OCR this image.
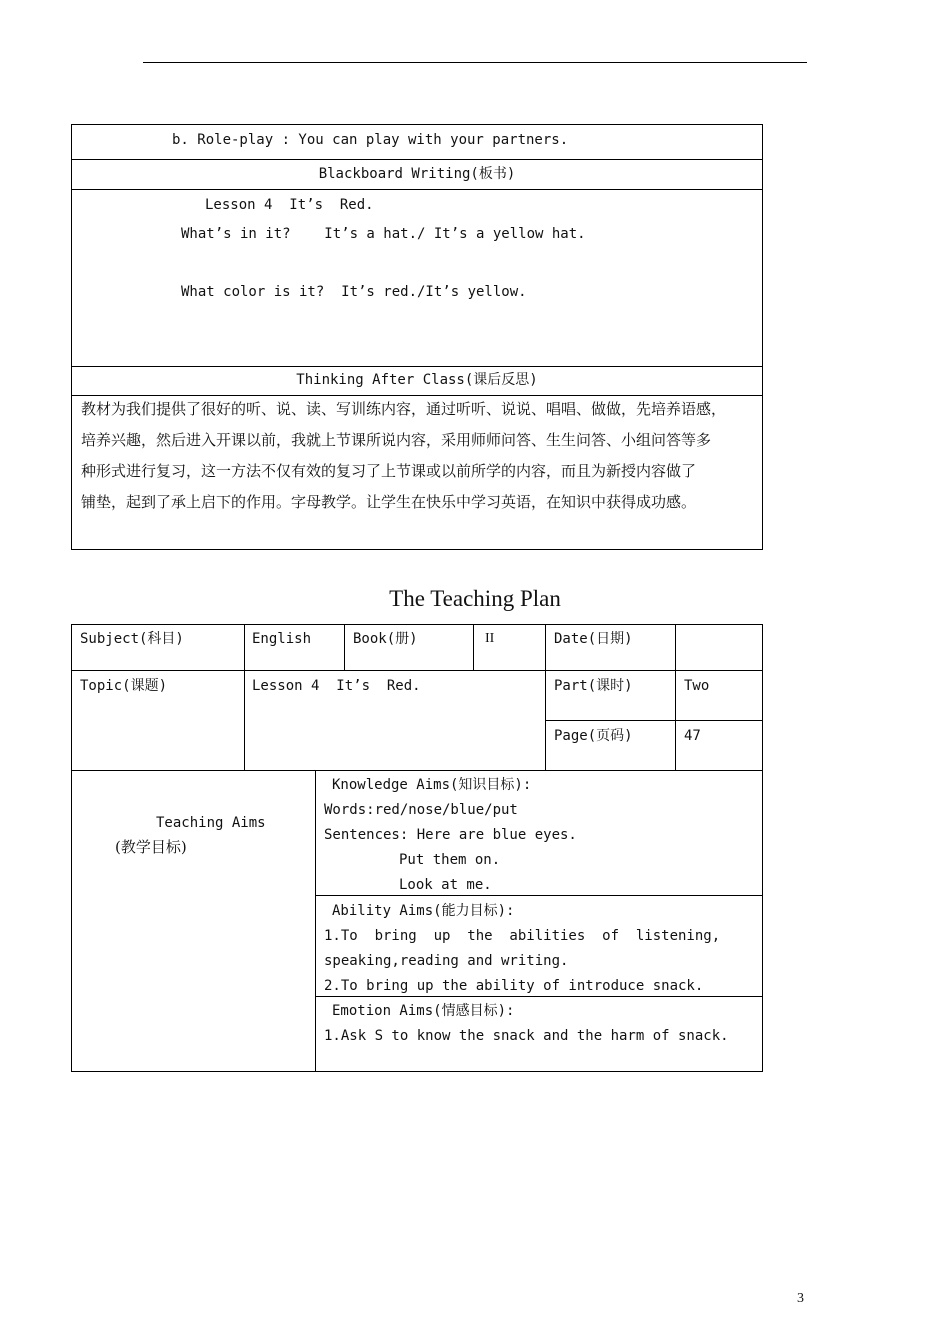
b. Role-play : You can play with your partners.
Blackboard Writing(板书)
Lesson 4  It’s  Red.
What’s in it?    It’s a hat./ It’s a yellow hat.
What color is it?  It’s red./It’s yellow.
Thinking After Class(课后反思)
教材为我们提供了很好的听、说、读、写训练内容，通过听听、说说、唱唱、做做，先培养语感，
培养兴趣，然后进入开课以前，我就上节课所说内容，采用师师问答、生生问答、小组问答等多
种形式进行复习，这一方法不仅有效的复习了上节课或以前所学的内容，而且为新授内容做了
铺垫，起到了承上启下的作用。字母教学。让学生在快乐中学习英语，在知识中获得成功感。
The Teaching Plan
Subject(科目)	English	Book(册)	II	Date(日期)
Topic(课题)	Lesson 4  It’s  Red.	Part(课时)	Two
Page(页码)	47
Teaching Aims
(教学目标)
Knowledge Aims(知识目标):
Words:red/nose/blue/put
Sentences: Here are blue eyes.
Put them on.
Look at me.
Ability Aims(能力目标):
1.To  bring  up  the  abilities  of  listening,
speaking,reading and writing.
2.To bring up the ability of introduce snack.
Emotion Aims(情感目标):
1.Ask S to know the snack and the harm of snack.
3
